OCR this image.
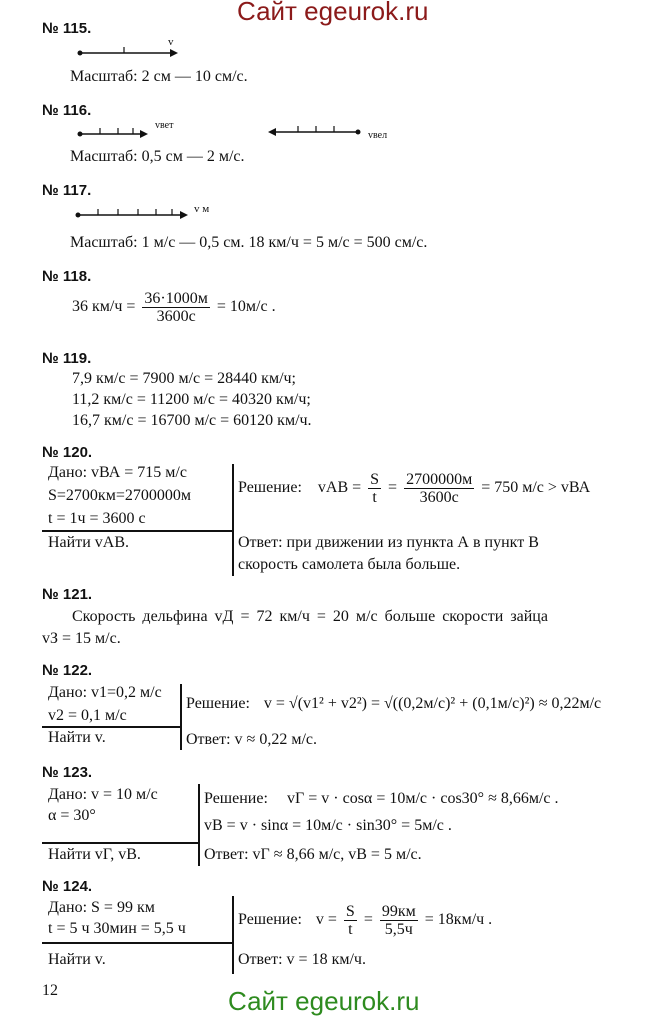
Сайт egeurok.ru
№ 115.
v
Масштаб: 2 см — 10 см/с.
№ 116.
vвет
vвел
Масштаб: 0,5 см — 2 м/с.
№ 117.
v м
Масштаб: 1 м/с — 0,5 см. 18 км/ч = 5 м/с = 500 см/с.
№ 118.
36 $км/ч = \frac{36\cdot 1000м}{3600с} = 10м/с$ .
№ 119.
7,9 км/с = 7900 м/с = 28440 км/ч;
11,2 км/с = 11200 м/с = 40320 км/ч;
16,7 км/с = 16700 м/с = 60120 км/ч.
№ 120.
Дано: vВА = 715 м/с
S=2700км=2700000м
t = 1ч = 3600 с
Найти vАВ.
Решение: vАВ = $\frac{S}{t} = \frac{2700000м}{3600с} = 750$ м/с > vВА
Ответ: при движении из пункта А в пункт В
скорость самолета была больше.
№ 121.
Скорость дельфина vД = 72 км/ч = 20 м/с больше скорости зайца
vЗ = 15 м/с.
№ 122.
Дано: v1=0,2 м/с
v2 = 0,1 м/с
Найти v.
Решение: v = √(v1² + v2²) = √((0,2м/с)² + (0,1м/с)²) ≈ 0,22м/с
Ответ: v ≈ 0,22 м/с.
№ 123.
Дано: v = 10 м/с
α = 30°
Найти vГ, vВ.
Решение: vГ = v · cosα = 10м/с · cos30° ≈ 8,66м/с .
vВ = v · sinα = 10м/с · sin30° = 5м/с .
Ответ: vГ ≈ 8,66 м/с, vВ = 5 м/с.
№ 124.
Дано: S = 99 км
t = 5 ч 30мин = 5,5 ч
Найти v.
Решение: $v = \frac{S}{t} = \frac{99км}{5,5ч} = 18км/ч$ .
Ответ: v = 18 км/ч.
12	Сайт egeurok.ru
